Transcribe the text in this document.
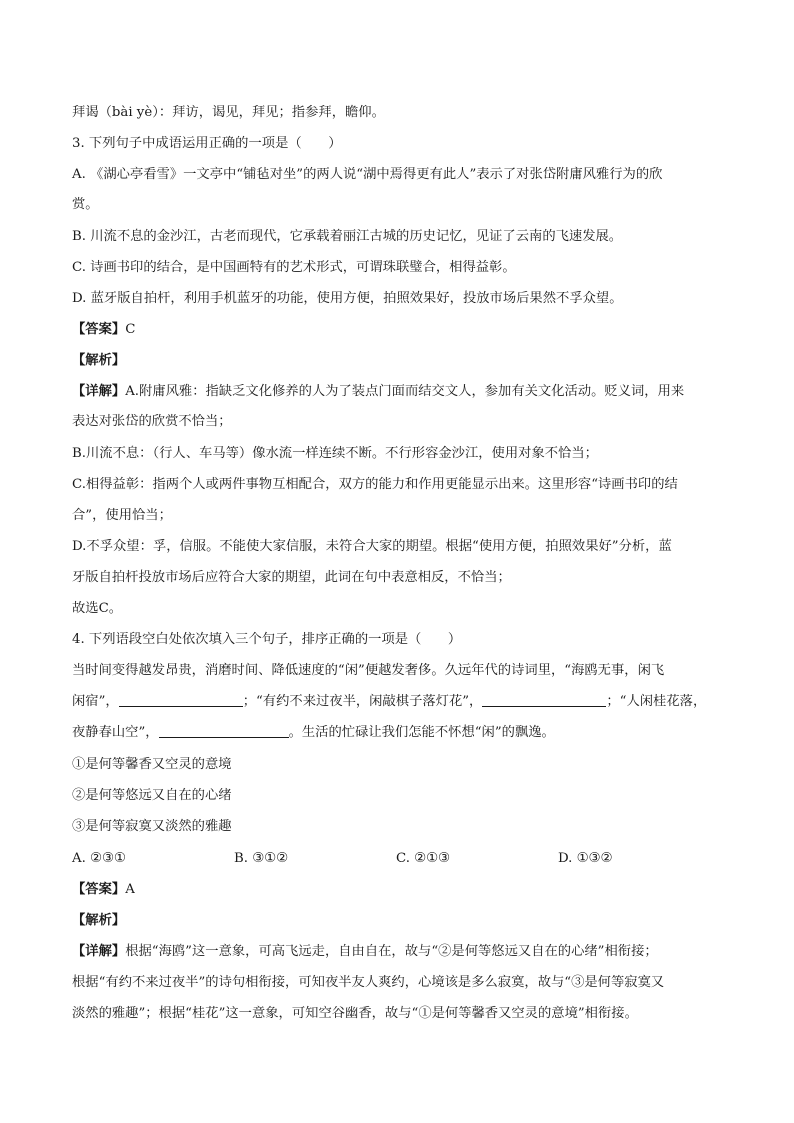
拜谒（bài yè）：拜访，谒见，拜见；指参拜，瞻仰。
3. 下列句子中成语运用正确的一项是（　　）
A. 《湖心亭看雪》一文亭中“铺毡对坐”的两人说“湖中焉得更有此人”表示了对张岱附庸风雅行为的欣
赏。
B. 川流不息的金沙江，古老而现代，它承载着丽江古城的历史记忆，见证了云南的飞速发展。
C. 诗画书印的结合，是中国画特有的艺术形式，可谓珠联璧合，相得益彰。
D. 蓝牙版自拍杆，利用手机蓝牙的功能，使用方便，拍照效果好，投放市场后果然不孚众望。
【答案】C
【解析】
【详解】A.附庸风雅：指缺乏文化修养的人为了装点门面而结交文人，参加有关文化活动。贬义词，用来
表达对张岱的欣赏不恰当；
B.川流不息：（行人、车马等）像水流一样连续不断。不行形容金沙江，使用对象不恰当；
C.相得益彰：指两个人或两件事物互相配合，双方的能力和作用更能显示出来。这里形容“诗画书印的结
合”，使用恰当；
D.不孚众望：孚，信服。不能使大家信服，未符合大家的期望。根据“使用方便，拍照效果好”分析，蓝
牙版自拍杆投放市场后应符合大家的期望，此词在句中表意相反，不恰当；
故选C。
4. 下列语段空白处依次填入三个句子，排序正确的一项是（　　）
当时间变得越发昂贵，消磨时间、降低速度的“闲”便越发奢侈。久远年代的诗词里，“海鸥无事，闲飞
闲宿”，	；“有约不来过夜半，闲敲棋子落灯花”，	；“人闲桂花落，
夜静春山空”，	。生活的忙碌让我们怎能不怀想“闲”的飘逸。
①是何等馨香又空灵的意境
②是何等悠远又自在的心绪
③是何等寂寞又淡然的雅趣
A. ②③①	B. ③①②	C. ②①③	D. ①③②
【答案】A
【解析】
【详解】根据“海鸥”这一意象，可高飞远走，自由自在，故与“②是何等悠远又自在的心绪”相衔接；
根据“有约不来过夜半”的诗句相衔接，可知夜半友人爽约，心境该是多么寂寞，故与“③是何等寂寞又
淡然的雅趣”；根据“桂花”这一意象，可知空谷幽香，故与“①是何等馨香又空灵的意境”相衔接。
